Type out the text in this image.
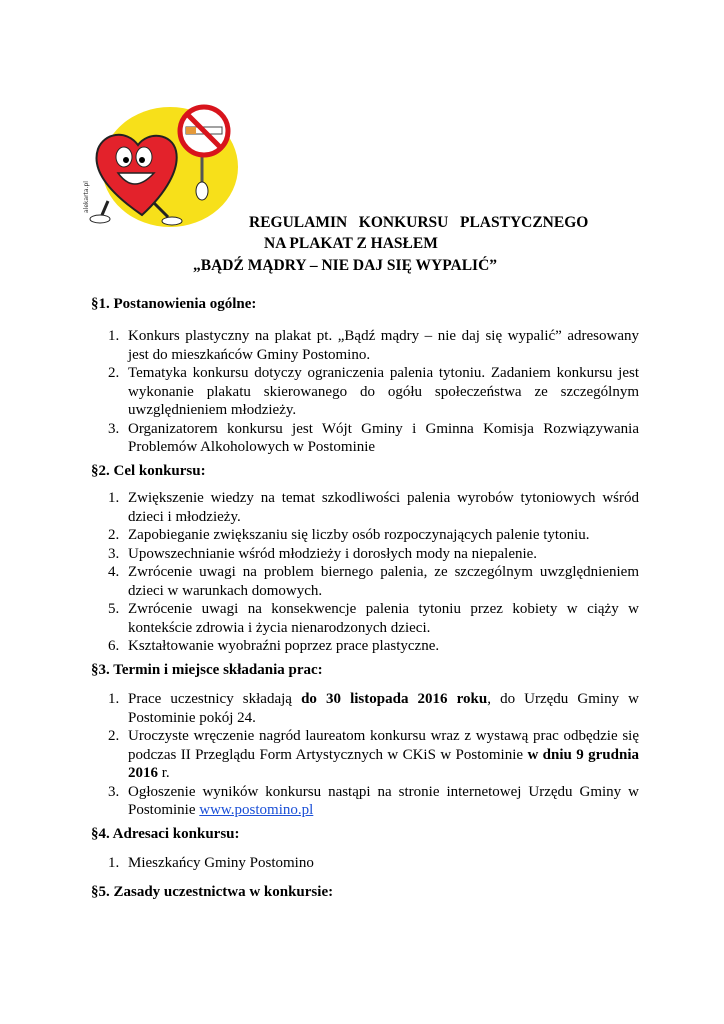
alekarta.pl
REGULAMIN   KONKURSU   PLASTYCZNEGO
NA PLAKAT Z HASŁEM
„BĄDŹ MĄDRY – NIE DAJ SIĘ WYPALIĆ”
§1. Postanowienia ogólne:
1. Konkurs plastyczny na plakat pt. „Bądź mądry – nie daj się wypalić” adresowany jest do mieszkańców Gminy Postomino.
2. Tematyka konkursu dotyczy ograniczenia palenia tytoniu. Zadaniem konkursu jest wykonanie plakatu skierowanego do ogółu społeczeństwa ze szczególnym uwzględnieniem młodzieży.
3. Organizatorem konkursu jest Wójt Gminy i Gminna Komisja Rozwiązywania Problemów Alkoholowych w Postominie
§2. Cel konkursu:
1. Zwiększenie wiedzy na temat szkodliwości palenia wyrobów tytoniowych wśród dzieci i młodzieży.
2. Zapobieganie zwiększaniu się liczby osób rozpoczynających palenie tytoniu.
3. Upowszechnianie wśród młodzieży i dorosłych mody na niepalenie.
4. Zwrócenie uwagi na problem biernego palenia, ze szczególnym uwzględnieniem dzieci w warunkach domowych.
5. Zwrócenie uwagi na konsekwencje palenia tytoniu przez kobiety w ciąży w kontekście zdrowia i życia nienarodzonych dzieci.
6. Kształtowanie wyobraźni poprzez prace plastyczne.
§3. Termin i miejsce składania prac:
1. Prace uczestnicy składają do 30 listopada 2016 roku, do Urzędu Gminy w Postominie pokój 24.
2. Uroczyste wręczenie nagród laureatom konkursu wraz z wystawą prac odbędzie się podczas II Przeglądu Form Artystycznych w CKiS w Postominie w dniu 9 grudnia 2016 r.
3. Ogłoszenie wyników konkursu nastąpi na stronie internetowej Urzędu Gminy w Postominie www.postomino.pl
§4. Adresaci konkursu:
1. Mieszkańcy Gminy Postomino
§5. Zasady uczestnictwa w konkursie:
